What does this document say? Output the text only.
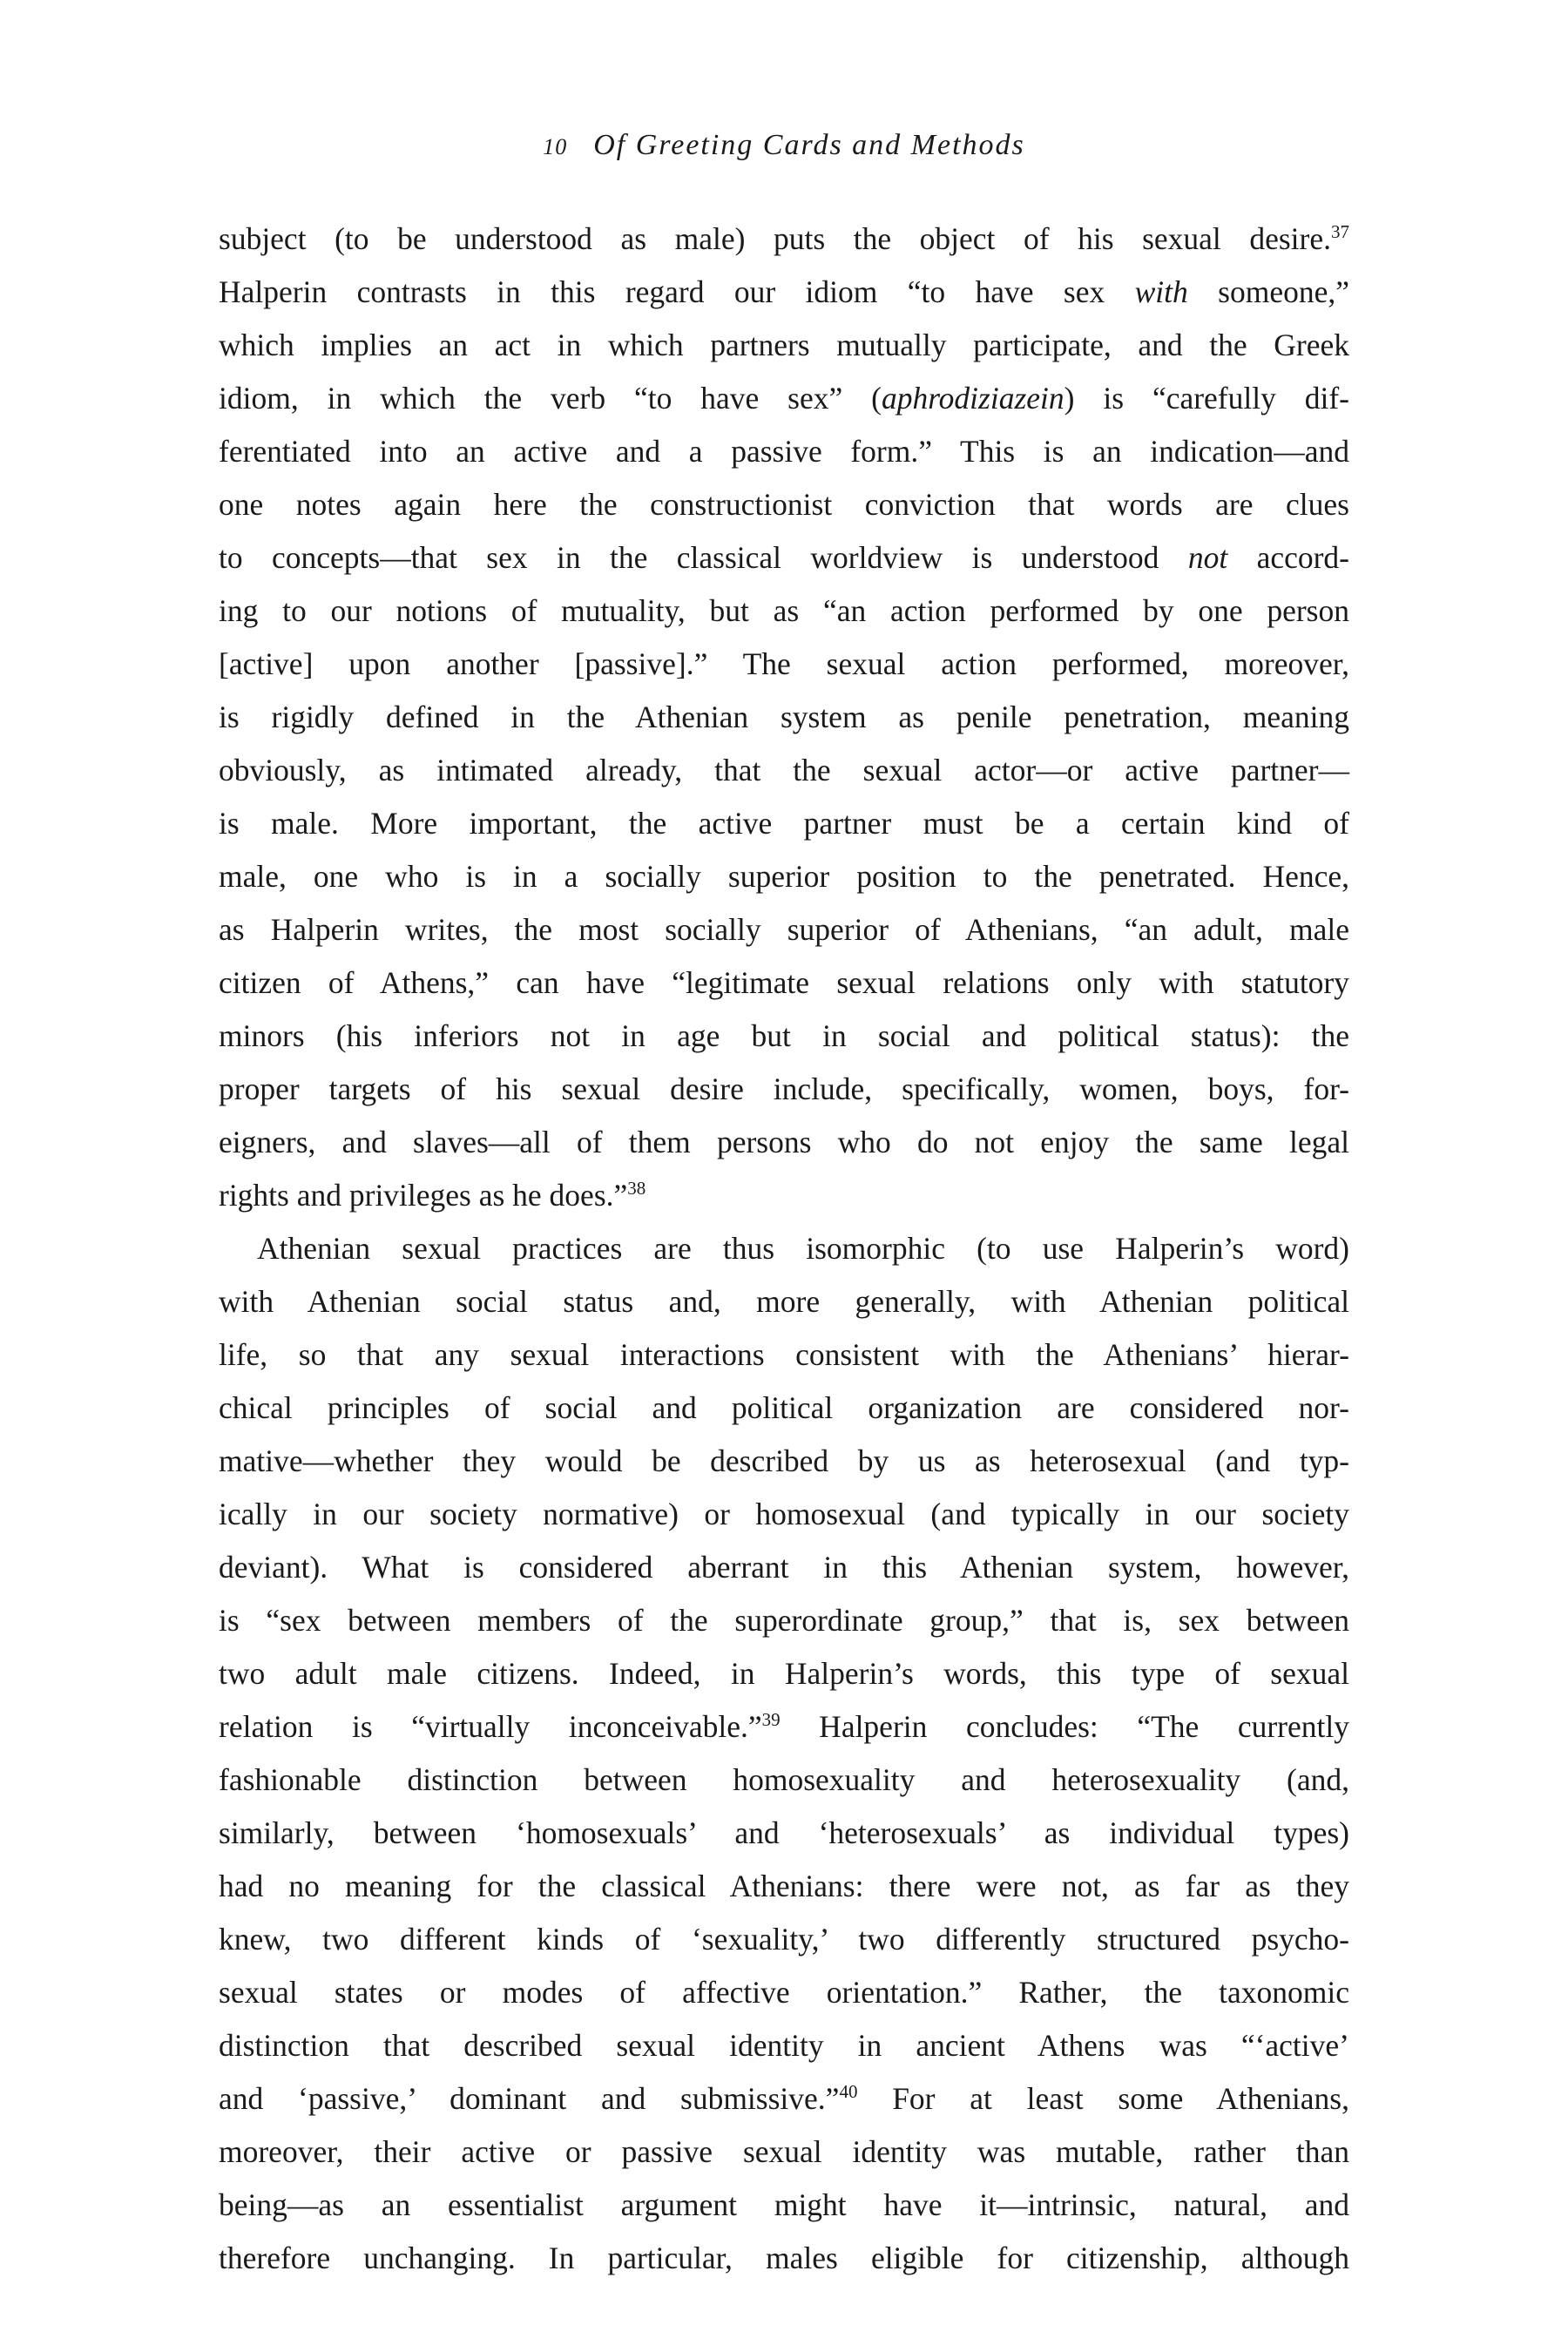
10 Of Greeting Cards and Methods
subject (to be understood as male) puts the object of his sexual desire.$^{37}$
Halperin contrasts in this regard our idiom “to have sex with someone,”
which implies an act in which partners mutually participate, and the Greek
idiom, in which the verb “to have sex” (aphrodiziazein) is “carefully dif-
ferentiated into an active and a passive form.” This is an indication—and
one notes again here the constructionist conviction that words are clues
to concepts—that sex in the classical worldview is understood not accord-
ing to our notions of mutuality, but as “an action performed by one person
[active] upon another [passive].” The sexual action performed, moreover,
is rigidly defined in the Athenian system as penile penetration, meaning
obviously, as intimated already, that the sexual actor—or active partner—
is male. More important, the active partner must be a certain kind of
male, one who is in a socially superior position to the penetrated. Hence,
as Halperin writes, the most socially superior of Athenians, “an adult, male
citizen of Athens,” can have “legitimate sexual relations only with statutory
minors (his inferiors not in age but in social and political status): the
proper targets of his sexual desire include, specifically, women, boys, for-
eigners, and slaves—all of them persons who do not enjoy the same legal
rights and privileges as he does.”$^{38}$
Athenian sexual practices are thus isomorphic (to use Halperin’s word)
with Athenian social status and, more generally, with Athenian political
life, so that any sexual interactions consistent with the Athenians’ hierar-
chical principles of social and political organization are considered nor-
mative—whether they would be described by us as heterosexual (and typ-
ically in our society normative) or homosexual (and typically in our society
deviant). What is considered aberrant in this Athenian system, however,
is “sex between members of the superordinate group,” that is, sex between
two adult male citizens. Indeed, in Halperin’s words, this type of sexual
relation is “virtually inconceivable.”$^{39}$ Halperin concludes: “The currently
fashionable distinction between homosexuality and heterosexuality (and,
similarly, between ‘homosexuals’ and ‘heterosexuals’ as individual types)
had no meaning for the classical Athenians: there were not, as far as they
knew, two different kinds of ‘sexuality,’ two differently structured psycho-
sexual states or modes of affective orientation.” Rather, the taxonomic
distinction that described sexual identity in ancient Athens was “‘active’
and ‘passive,’ dominant and submissive.”$^{40}$ For at least some Athenians,
moreover, their active or passive sexual identity was mutable, rather than
being—as an essentialist argument might have it—intrinsic, natural, and
therefore unchanging. In particular, males eligible for citizenship, although
